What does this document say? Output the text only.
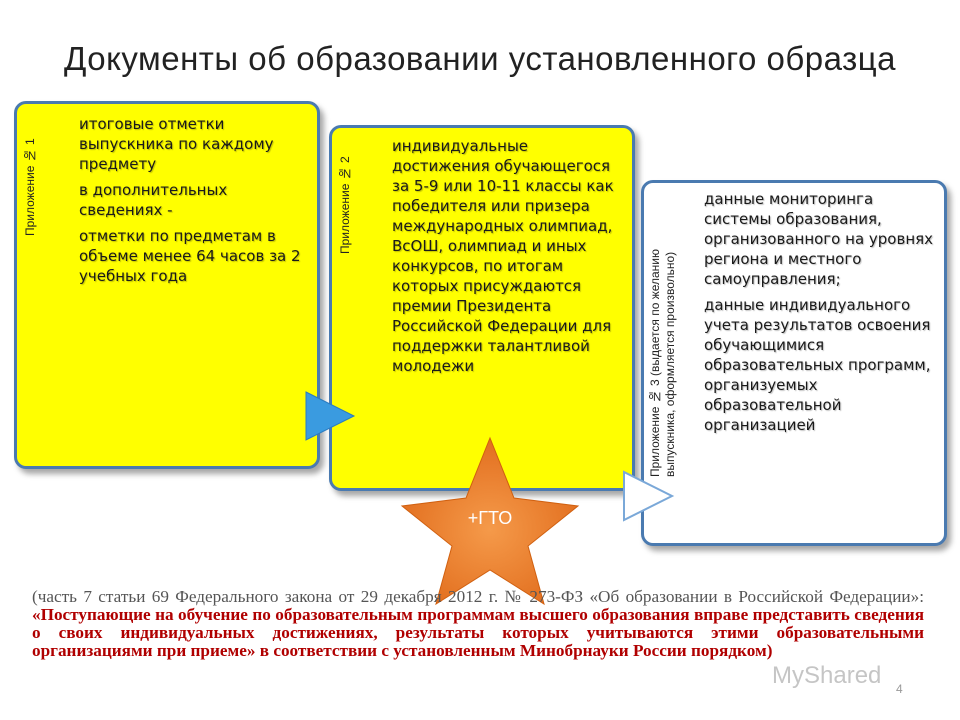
Документы об образовании установленного образца
Приложение № 1
итоговые отметки выпускника по каждому предмету
в дополнительных сведениях -
отметки по предметам в объеме менее 64 часов за 2 учебных года
Приложение № 2
индивидуальные достижения обучающегося за 5-9 или 10-11 классы как победителя или призера международных олимпиад, ВсОШ, олимпиад и иных конкурсов, по итогам которых присуждаются премии Президента Российской Федерации для поддержки талантливой молодежи	Приложение № 3 (выдается по желанию выпускника, оформляется произвольно)
данные мониторинга системы образования, организованного на уровнях региона и местного самоуправления;
данные индивидуального учета результатов освоения обучающимися образовательных программ, организуемых образовательной организацией
+ГТО
(часть 7 статьи 69 Федерального закона от 29 декабря 2012 г. № 273-ФЗ «Об образовании в Российской Федерации»: «Поступающие на обучение по образовательным программам высшего образования вправе представить сведения о своих индивидуальных достижениях, результаты которых учитываются этими образовательными организациями при приеме» в соответствии с установленным Минобрнауки России порядком)
MyShared 4
